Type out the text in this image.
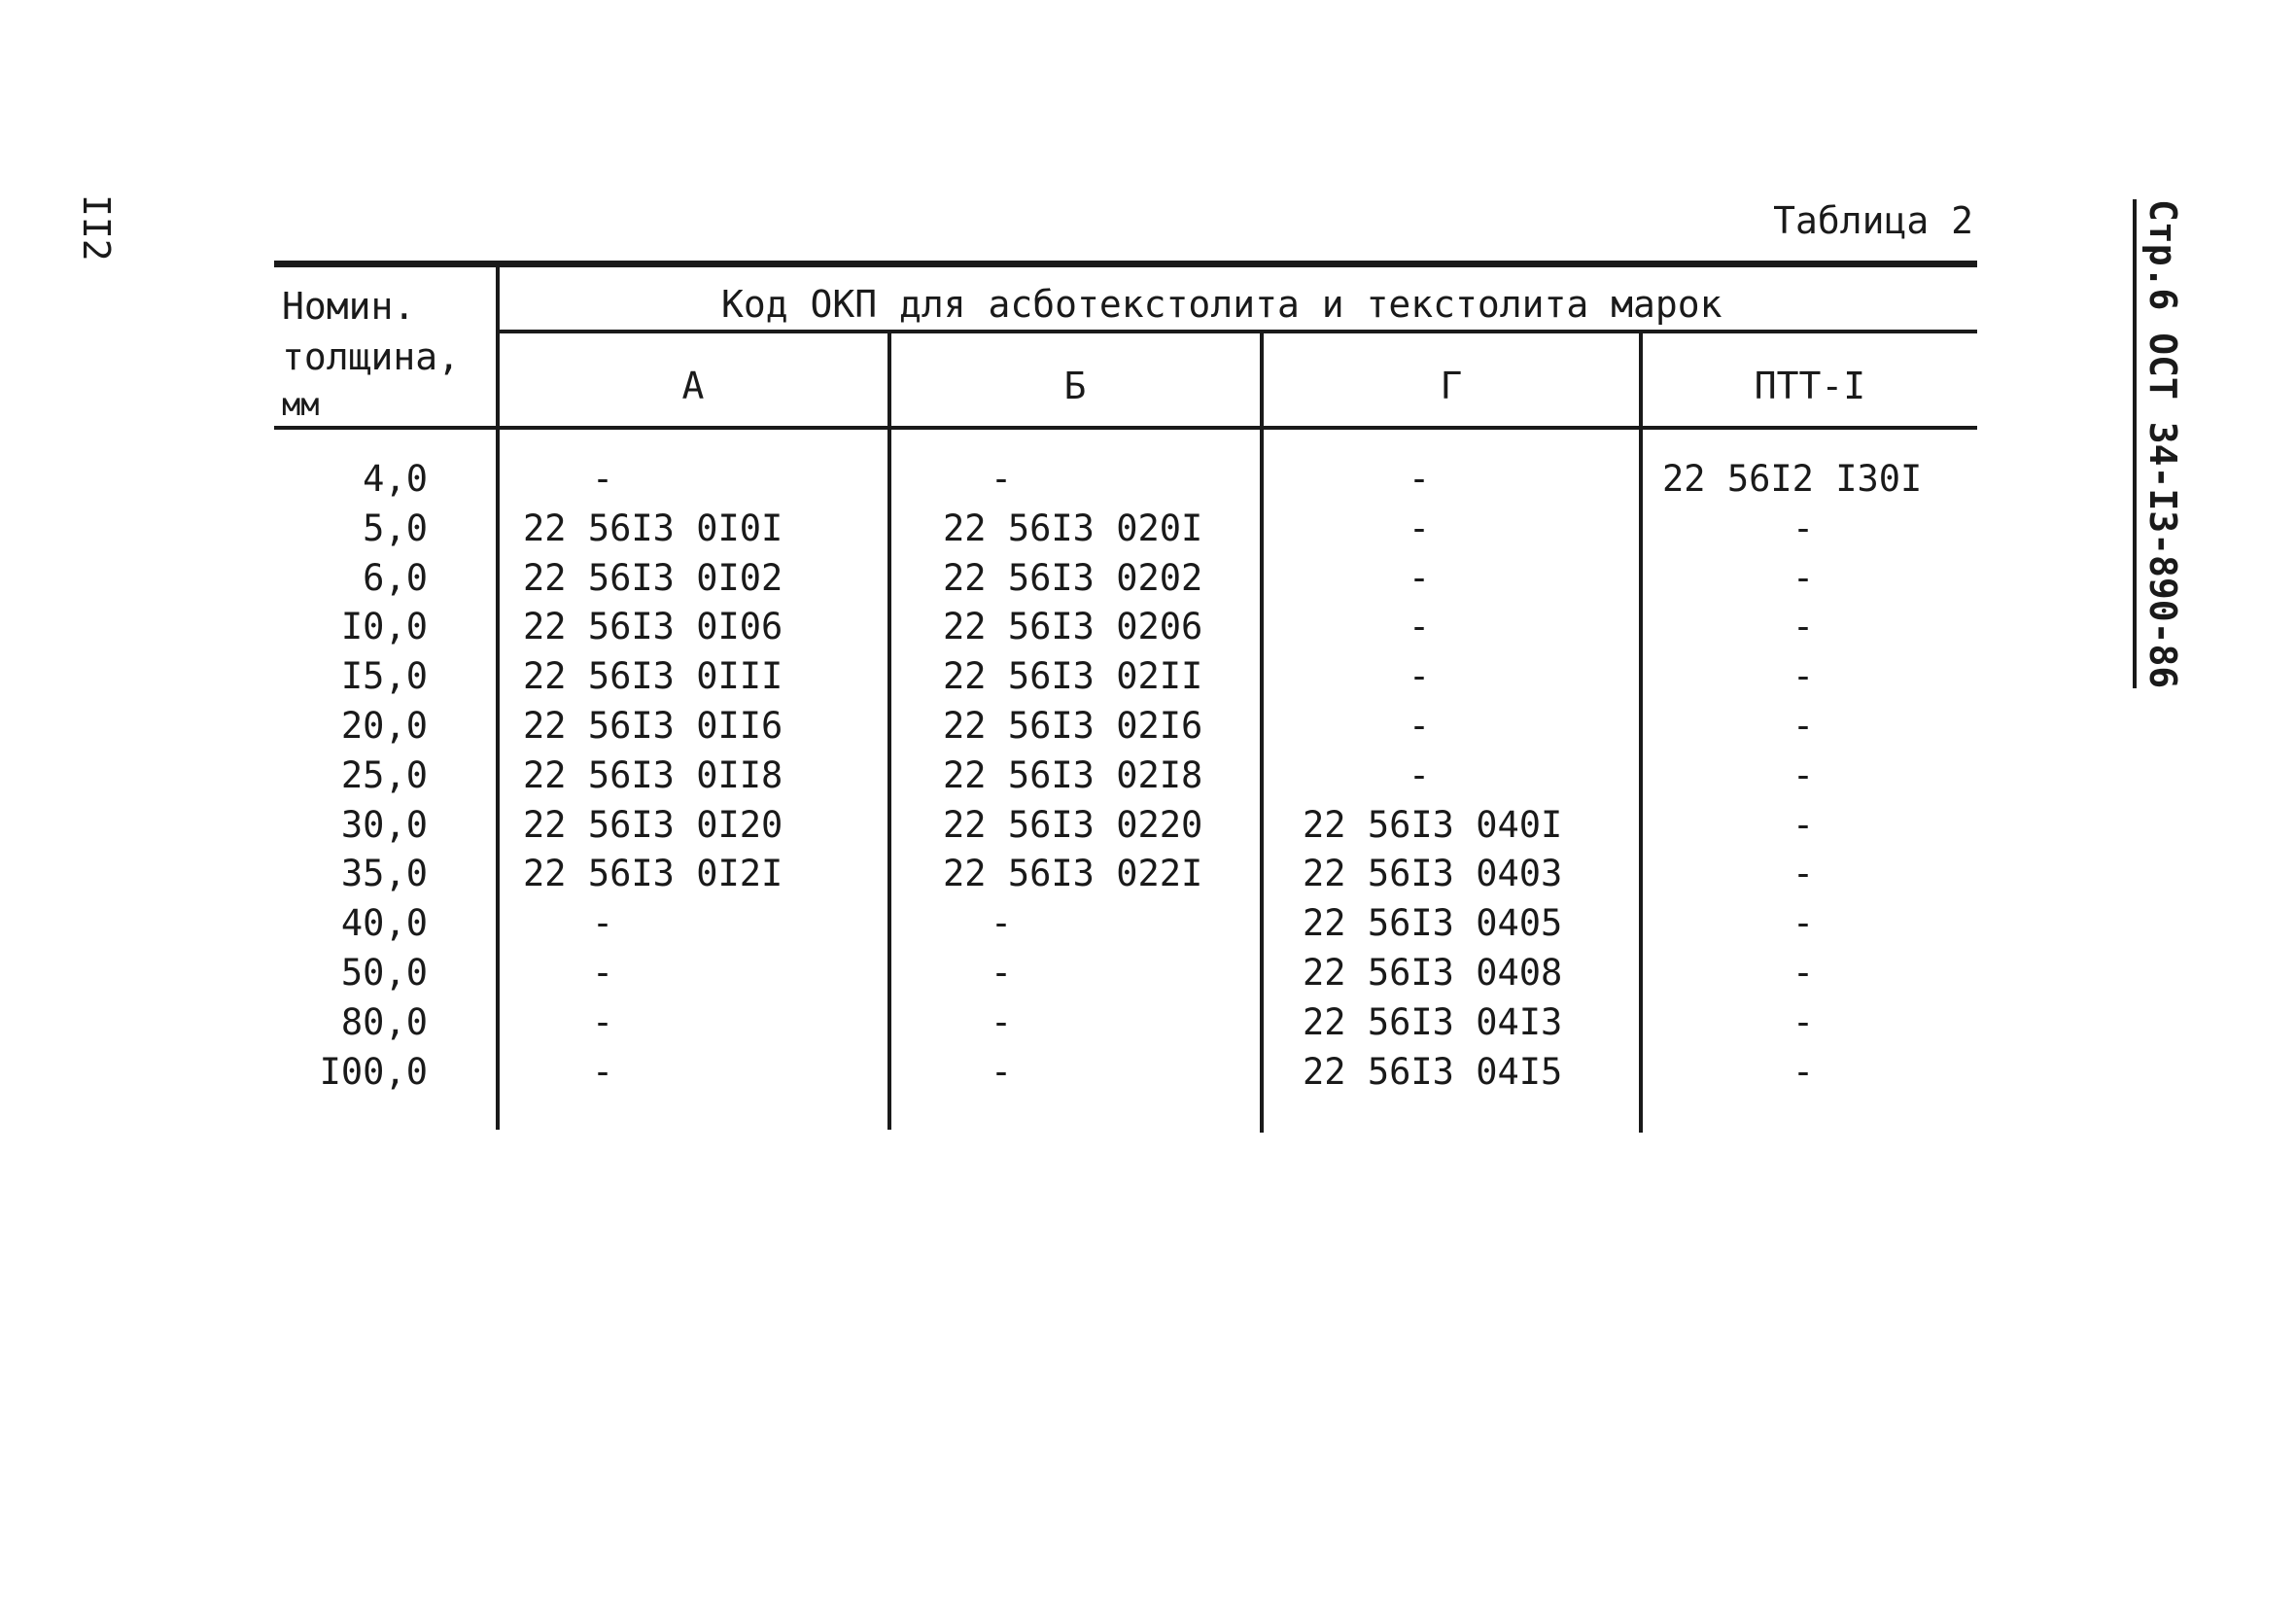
II2	Стр.6 ОСТ 34-I3-890-86
Таблица 2
Номин.
толщина,
мм
Код ОКП для асботекстолита и текстолита марок
А	Б	Г	ПТТ-I
4,0	-	-	-	22 56I2 I30I
5,0	22 56I3 0I0I	22 56I3 020I	-	-
6,0	22 56I3 0I02	22 56I3 0202	-	-
I0,0	22 56I3 0I06	22 56I3 0206	-	-
I5,0	22 56I3 0III	22 56I3 02II	-	-
20,0	22 56I3 0II6	22 56I3 02I6	-	-
25,0	22 56I3 0II8	22 56I3 02I8	-	-
30,0	22 56I3 0I20	22 56I3 0220	22 56I3 040I	-
35,0	22 56I3 0I2I	22 56I3 022I	22 56I3 0403	-
40,0	-	-	22 56I3 0405	-
50,0	-	-	22 56I3 0408	-
80,0	-	-	22 56I3 04I3	-
I00,0	-	-	22 56I3 04I5	-
